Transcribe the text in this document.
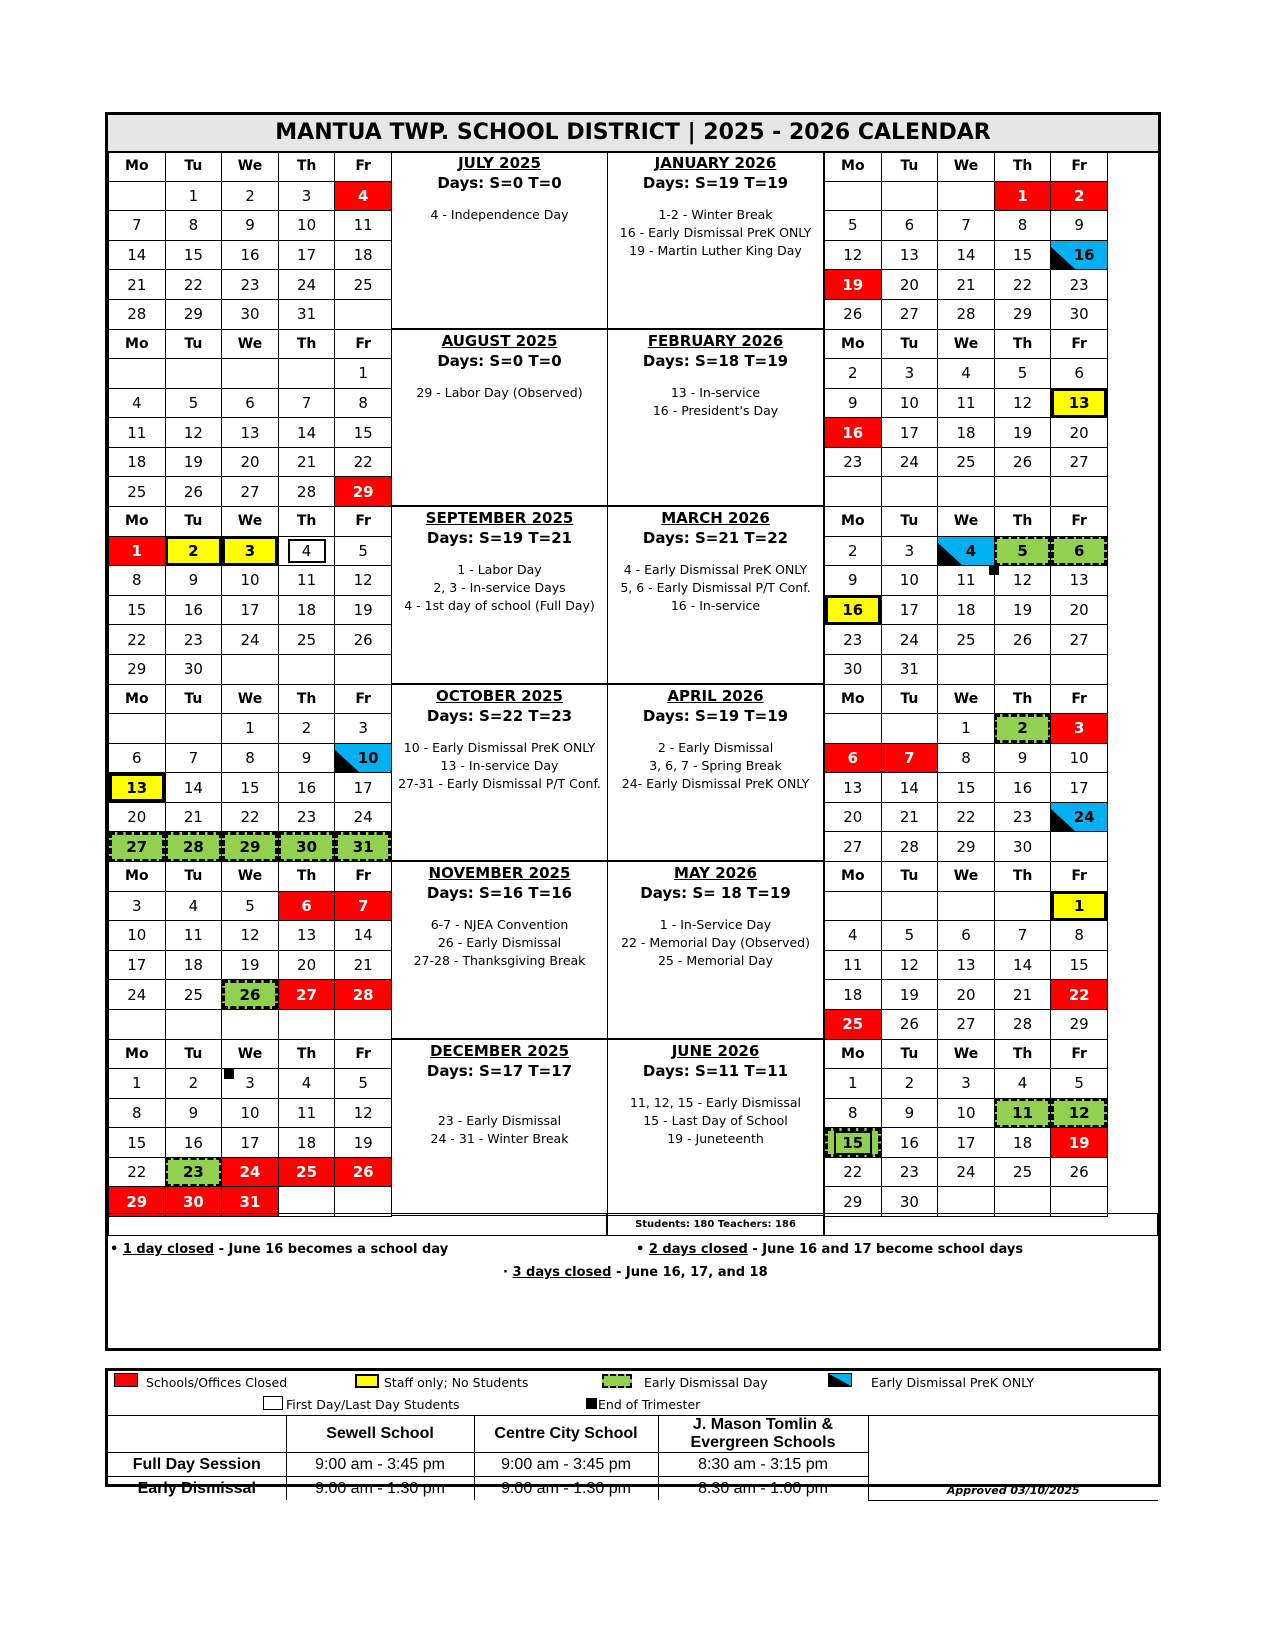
MANTUA TWP. SCHOOL DISTRICT | 2025 - 2026 CALENDAR
Mo	Tu	We	Th	Fr
	1	2	3	4
7	8	9	10	11
14	15	16	17	18
21	22	23	24	25
28	29	30	31	
JULY 2025
Days: S=0 T=0
4 - Independence Day
Mo	Tu	We	Th	Fr
				1
4	5	6	7	8
11	12	13	14	15
18	19	20	21	22
25	26	27	28	29
AUGUST 2025
Days: S=0 T=0
29 - Labor Day (Observed)
Mo	Tu	We	Th	Fr
1	2	3	4	5
8	9	10	11	12
15	16	17	18	19
22	23	24	25	26
29	30			
SEPTEMBER 2025
Days: S=19 T=21
1 - Labor Day
2, 3 - In-service Days
4 - 1st day of school (Full Day)
Mo	Tu	We	Th	Fr
		1	2	3
6	7	8	9	10
13	14	15	16	17
20	21	22	23	24
27	28	29	30	31
OCTOBER 2025
Days: S=22 T=23
10 - Early Dismissal PreK ONLY
13 - In-service Day
27-31 - Early Dismissal P/T Conf.
Mo	Tu	We	Th	Fr
3	4	5	6	7
10	11	12	13	14
17	18	19	20	21
24	25	26	27	28

NOVEMBER 2025
Days: S=16 T=16
6-7 - NJEA Convention
26 - Early Dismissal
27-28 - Thanksgiving Break
Mo	Tu	We	Th	Fr
1	2	3	4	5
8	9	10	11	12
15	16	17	18	19
22	23	24	25	26
29	30	31		
DECEMBER 2025
Days: S=17 T=17
23 - Early Dismissal
24 - 31 - Winter Break
JANUARY 2026
Days: S=19 T=19
1-2 - Winter Break
16 - Early Dismissal PreK ONLY
19 - Martin Luther King Day
Mo	Tu	We	Th	Fr
			1	2
5	6	7	8	9
12	13	14	15	16
19	20	21	22	23
26	27	28	29	30
FEBRUARY 2026
Days: S=18 T=19
13 - In-service
16 - President's Day
Mo	Tu	We	Th	Fr
2	3	4	5	6
9	10	11	12	13
16	17	18	19	20
23	24	25	26	27

MARCH 2026
Days: S=21 T=22
4 - Early Dismissal PreK ONLY
5, 6 - Early Dismissal P/T Conf.
16 - In-service
Mo	Tu	We	Th	Fr
2	3	4	5	6
9	10	11	12	13
16	17	18	19	20
23	24	25	26	27
30	31			
APRIL 2026
Days: S=19 T=19
2 - Early Dismissal
3, 6, 7 - Spring Break
24- Early Dismissal PreK ONLY
Mo	Tu	We	Th	Fr
		1	2	3
6	7	8	9	10
13	14	15	16	17
20	21	22	23	24
27	28	29	30	
MAY 2026
Days: S= 18 T=19
1 - In-Service Day
22 - Memorial Day (Observed)
25 - Memorial Day
Mo	Tu	We	Th	Fr
				1
4	5	6	7	8
11	12	13	14	15
18	19	20	21	22
25	26	27	28	29
JUNE 2026
Days: S=11 T=11
11, 12, 15 - Early Dismissal
15 - Last Day of School
19 - Juneteenth
Mo	Tu	We	Th	Fr
1	2	3	4	5
8	9	10	11	12
15	16	17	18	19
22	23	24	25	26
29	30			
Students: 180 Teachers: 186
• 1 day closed - June 16 becomes a school day	• 2 days closed - June 16 and 17 become school days
· 3 days closed - June 16, 17, and 18
Schools/Offices Closed	Staff only; No Students	Early Dismissal Day	Early Dismissal PreK ONLY
First Day/Last Day Students	End of Trimester
	Sewell School	Centre City School	J. Mason Tomlin & Evergreen Schools	Approved 03/10/2025

Full Day Session	9:00 am - 3:45 pm	9:00 am - 3:45 pm	8:30 am - 3:15 pm	
Early Dismissal	9:00 am - 1:30 pm	9:00 am - 1:30 pm	8:30 am - 1:00 pm	
